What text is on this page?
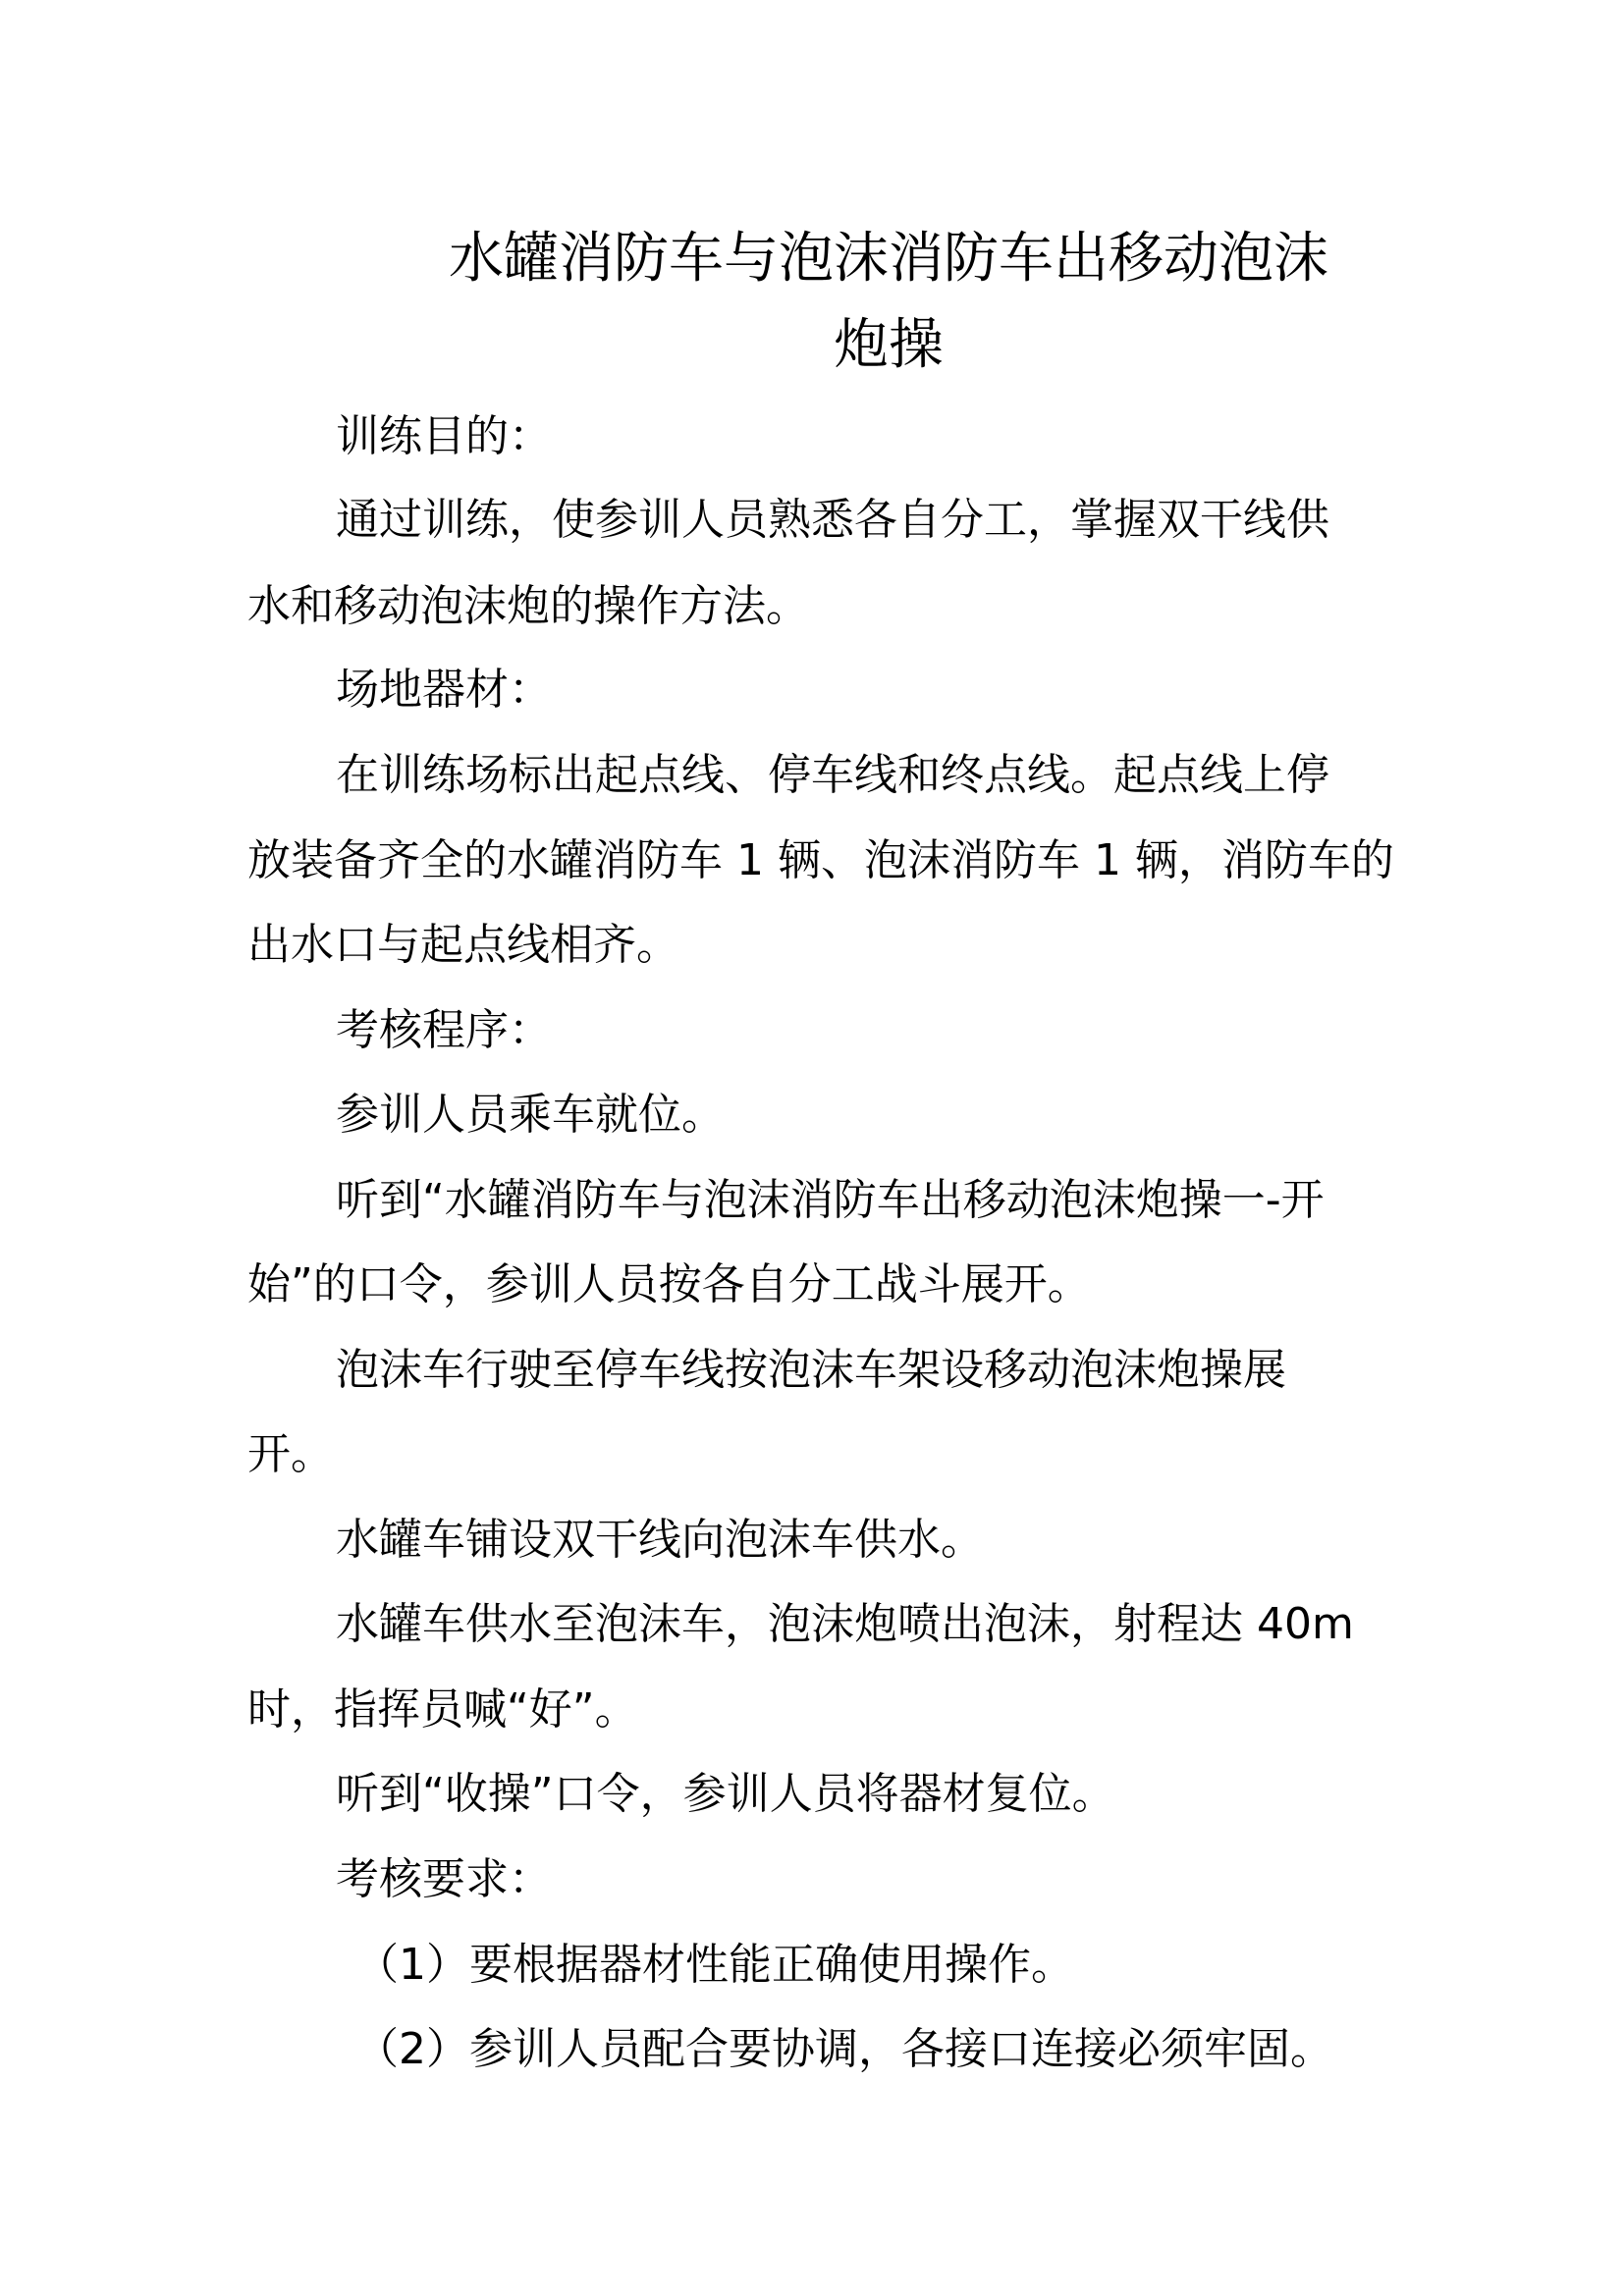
水罐消防车与泡沫消防车出移动泡沫
炮操

训练目的：

通过训练，使参训人员熟悉各自分工，掌握双干线供

水和移动泡沫炮的操作方法。

场地器材：

在训练场标出起点线、停车线和终点线。起点线上停

放装备齐全的水罐消防车 1 辆、泡沫消防车 1 辆，消防车的

出水口与起点线相齐。

考核程序：

参训人员乘车就位。

听到“水罐消防车与泡沫消防车出移动泡沫炮操一-开

始”的口令，参训人员按各自分工战斗展开。

泡沫车行驶至停车线按泡沫车架设移动泡沫炮操展

开。

水罐车铺设双干线向泡沫车供水。

水罐车供水至泡沫车，泡沫炮喷出泡沫，射程达 40m

时，指挥员喊“好”。

听到“收操”口令，参训人员将器材复位。

考核要求：

（1）要根据器材性能正确使用操作。

（2）参训人员配合要协调，各接口连接必须牢固。
